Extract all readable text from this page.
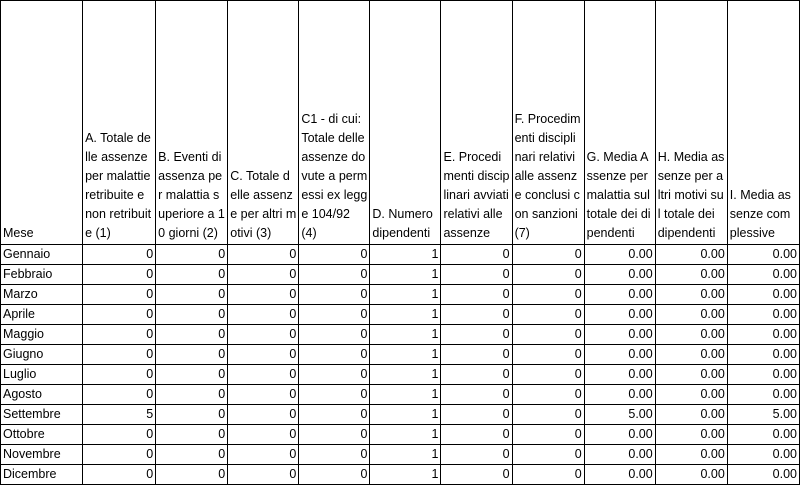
Mese	A. Totale delle assenze per malattie retribuite e non retribuite (1)	B. Eventi di assenza per malattia superiore a 10 giorni (2)	C. Totale delle assenze per altri motivi (3)	C1 - di cui: Totale delle assenze dovute a permessi ex legge 104/92 (4)	D. Numero dipendenti	E. Procedimenti disciplinari avviati relativi alle assenze	F. Procedimenti disciplinari relativi alle assenze conclusi con sanzioni (7)	G. Media Assenze per malattia sul totale dei dipendenti	H. Media assenze per altri motivi sul totale dei dipendenti	I. Media assenze complessive
Gennaio	0	0	0	0	1	0	0	0.00	0.00	0.00
Febbraio	0	0	0	0	1	0	0	0.00	0.00	0.00
Marzo	0	0	0	0	1	0	0	0.00	0.00	0.00
Aprile	0	0	0	0	1	0	0	0.00	0.00	0.00
Maggio	0	0	0	0	1	0	0	0.00	0.00	0.00
Giugno	0	0	0	0	1	0	0	0.00	0.00	0.00
Luglio	0	0	0	0	1	0	0	0.00	0.00	0.00
Agosto	0	0	0	0	1	0	0	0.00	0.00	0.00
Settembre	5	0	0	0	1	0	0	5.00	0.00	5.00
Ottobre	0	0	0	0	1	0	0	0.00	0.00	0.00
Novembre	0	0	0	0	1	0	0	0.00	0.00	0.00
Dicembre	0	0	0	0	1	0	0	0.00	0.00	0.00
